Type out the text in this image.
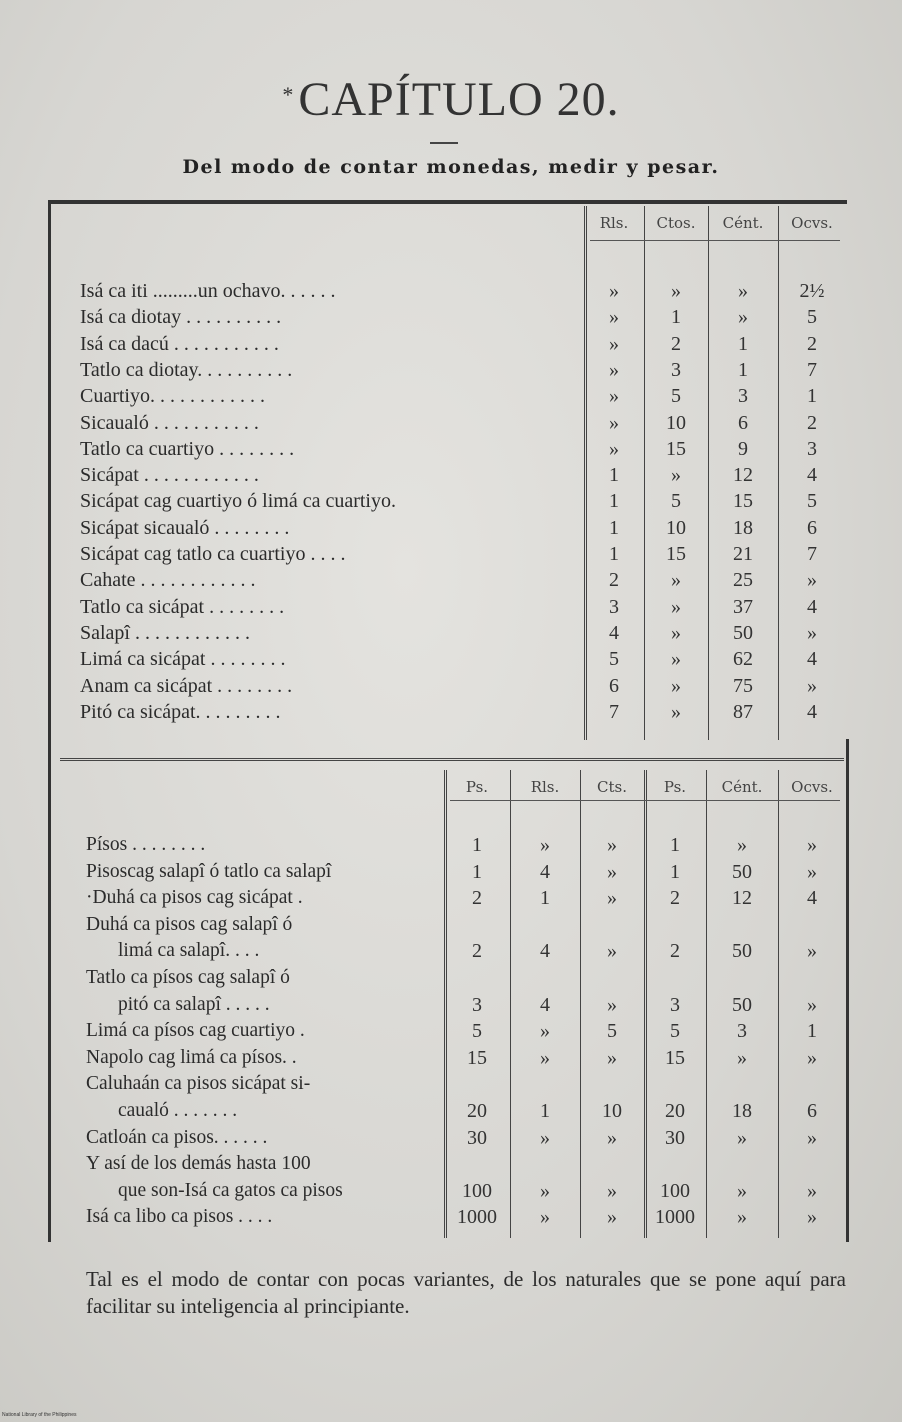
*CAPÍTULO 20.
Del modo de contar monedas, medir y pesar.
Rls.	Ctos.	Cént.	Ocvs.
Isá ca iti .........un ochavo. . . . . .	»	»	»	2½
Isá ca diotay . . . . . . . . . .	»	1	»	5
Isá ca dacú . . . . . . . . . . .	»	2	1	2
Tatlo ca diotay. . . . . . . . . .	»	3	1	7
Cuartiyo. . . . . . . . . . . .	»	5	3	1
Sicaualó . . . . . . . . . . .	»	10	6	2
Tatlo ca cuartiyo . . . . . . . .	»	15	9	3
Sicápat . . . . . . . . . . . .	1	»	12	4
Sicápat cag cuartiyo ó limá ca cuartiyo.	1	5	15	5
Sicápat sicaualó . . . . . . . .	1	10	18	6
Sicápat cag tatlo ca cuartiyo . . . .	1	15	21	7
Cahate . . . . . . . . . . . .	2	»	25	»
Tatlo ca sicápat . . . . . . . .	3	»	37	4
Salapî . . . . . . . . . . . .	4	»	50	»
Limá ca sicápat . . . . . . . .	5	»	62	4
Anam ca sicápat . . . . . . . .	6	»	75	»
Pitó ca sicápat. . . . . . . . .	7	»	87	4
Ps.	Rls.	Cts.	Ps.	Cént.	Ocvs.
Písos . . . . . . . .	1	»	»	1	»	»
Pisoscag salapî ó tatlo ca salapî	1	4	»	1	50	»
·Duhá ca pisos cag sicápat .	2	1	»	2	12	4
Duhá ca pisos cag salapî ó
limá ca salapî. . . .	2	4	»	2	50	»
Tatlo ca písos cag salapî ó
pitó ca salapî . . . . .	3	4	»	3	50	»
Limá ca písos cag cuartiyo .	5	»	5	5	3	1
Napolo cag limá ca písos. .	15	»	»	15	»	»
Caluhaán ca pisos sicápat si-
caualó . . . . . . .	20	1	10	20	18	6
Catloán ca pisos. . . . . .	30	»	»	30	»	»
Y así de los demás hasta 100
que son-Isá ca gatos ca pisos	100	»	»	100	»	»
Isá ca libo ca pisos . . . .	1000	»	»	1000	»	»
Tal es el modo de contar con pocas variantes, de los naturales que se pone aquí para facilitar su inteligencia al principiante.
National Library of the Philippines
